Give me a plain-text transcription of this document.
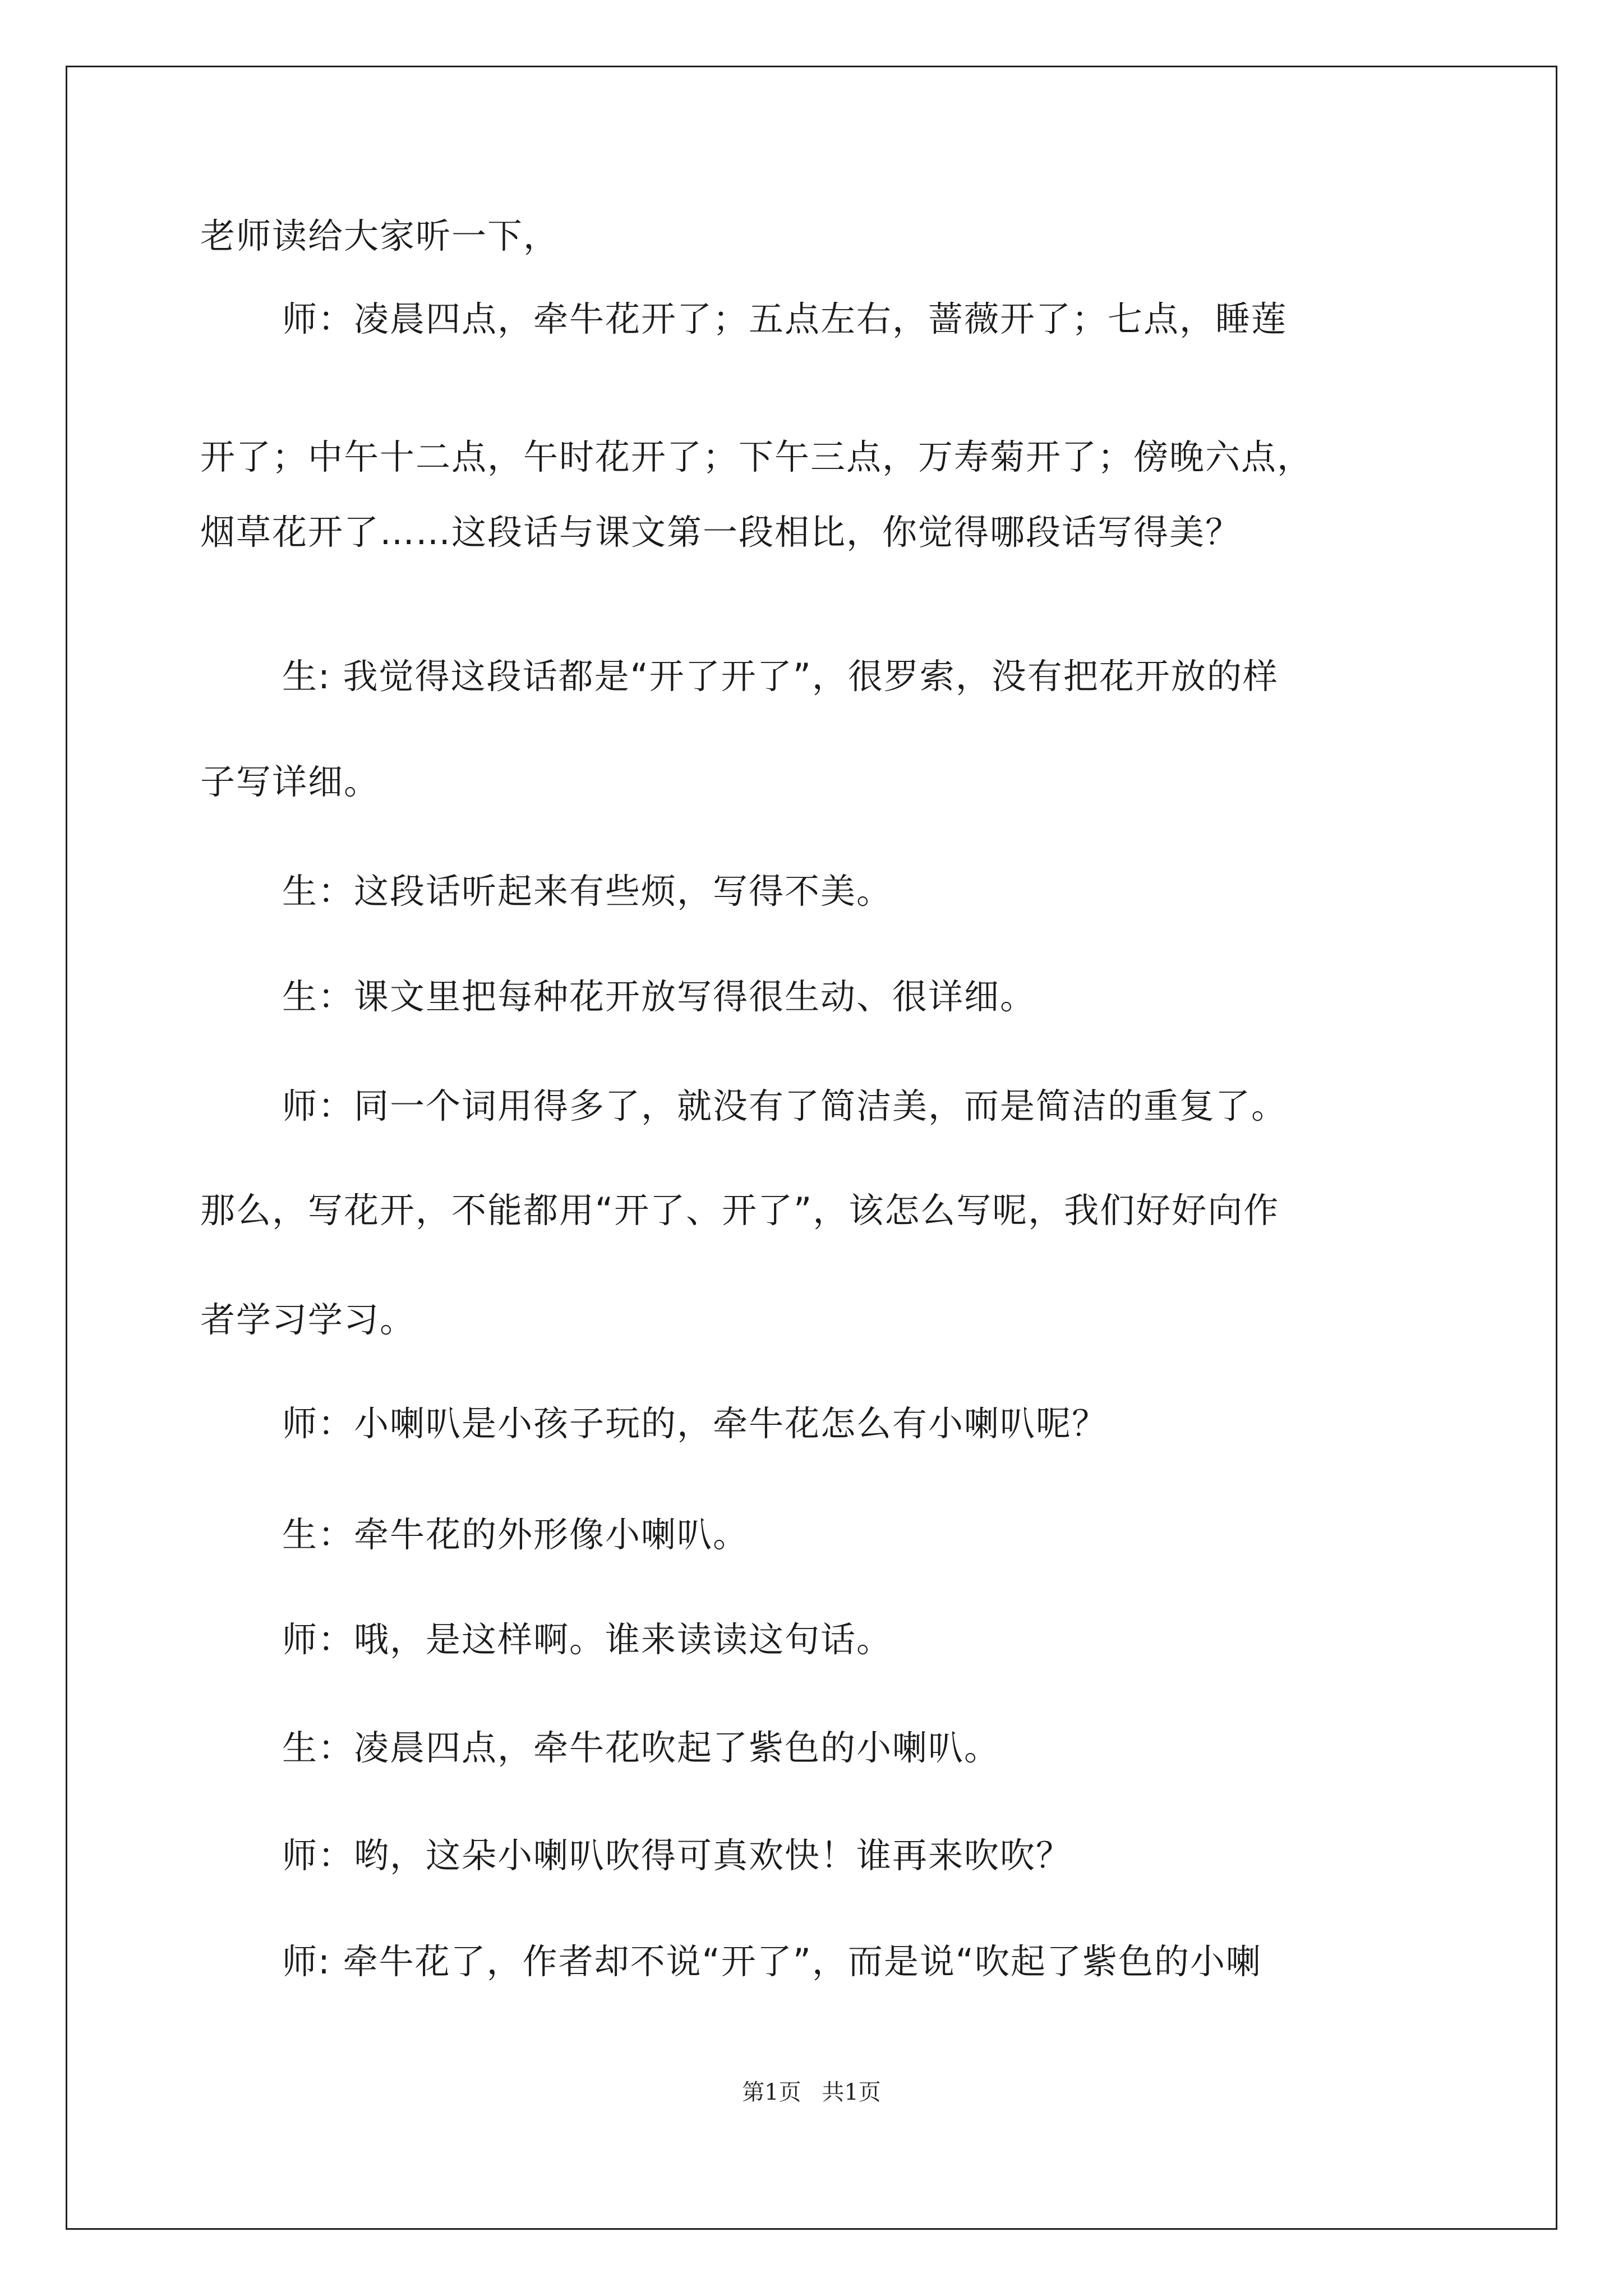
老师读给大家听一下，
师：凌晨四点，牵牛花开了；五点左右，蔷薇开了；七点，睡莲
开了；中午十二点，午时花开了；下午三点，万寿菊开了；傍晚六点，
烟草花开了……这段话与课文第一段相比，你觉得哪段话写得美？
生: 我觉得这段话都是“开了开了”，很罗索，没有把花开放的样
子写详细。
生：这段话听起来有些烦，写得不美。
生：课文里把每种花开放写得很生动、很详细。
师：同一个词用得多了，就没有了简洁美，而是简洁的重复了。
那么，写花开，不能都用“开了、开了”，该怎么写呢，我们好好向作
者学习学习。
师：小喇叭是小孩子玩的，牵牛花怎么有小喇叭呢？
生：牵牛花的外形像小喇叭。
师：哦，是这样啊。谁来读读这句话。
生：凌晨四点，牵牛花吹起了紫色的小喇叭。
师：哟，这朵小喇叭吹得可真欢快！谁再来吹吹？
师: 牵牛花了，作者却不说“开了”，而是说“吹起了紫色的小喇
第1页 共1页
